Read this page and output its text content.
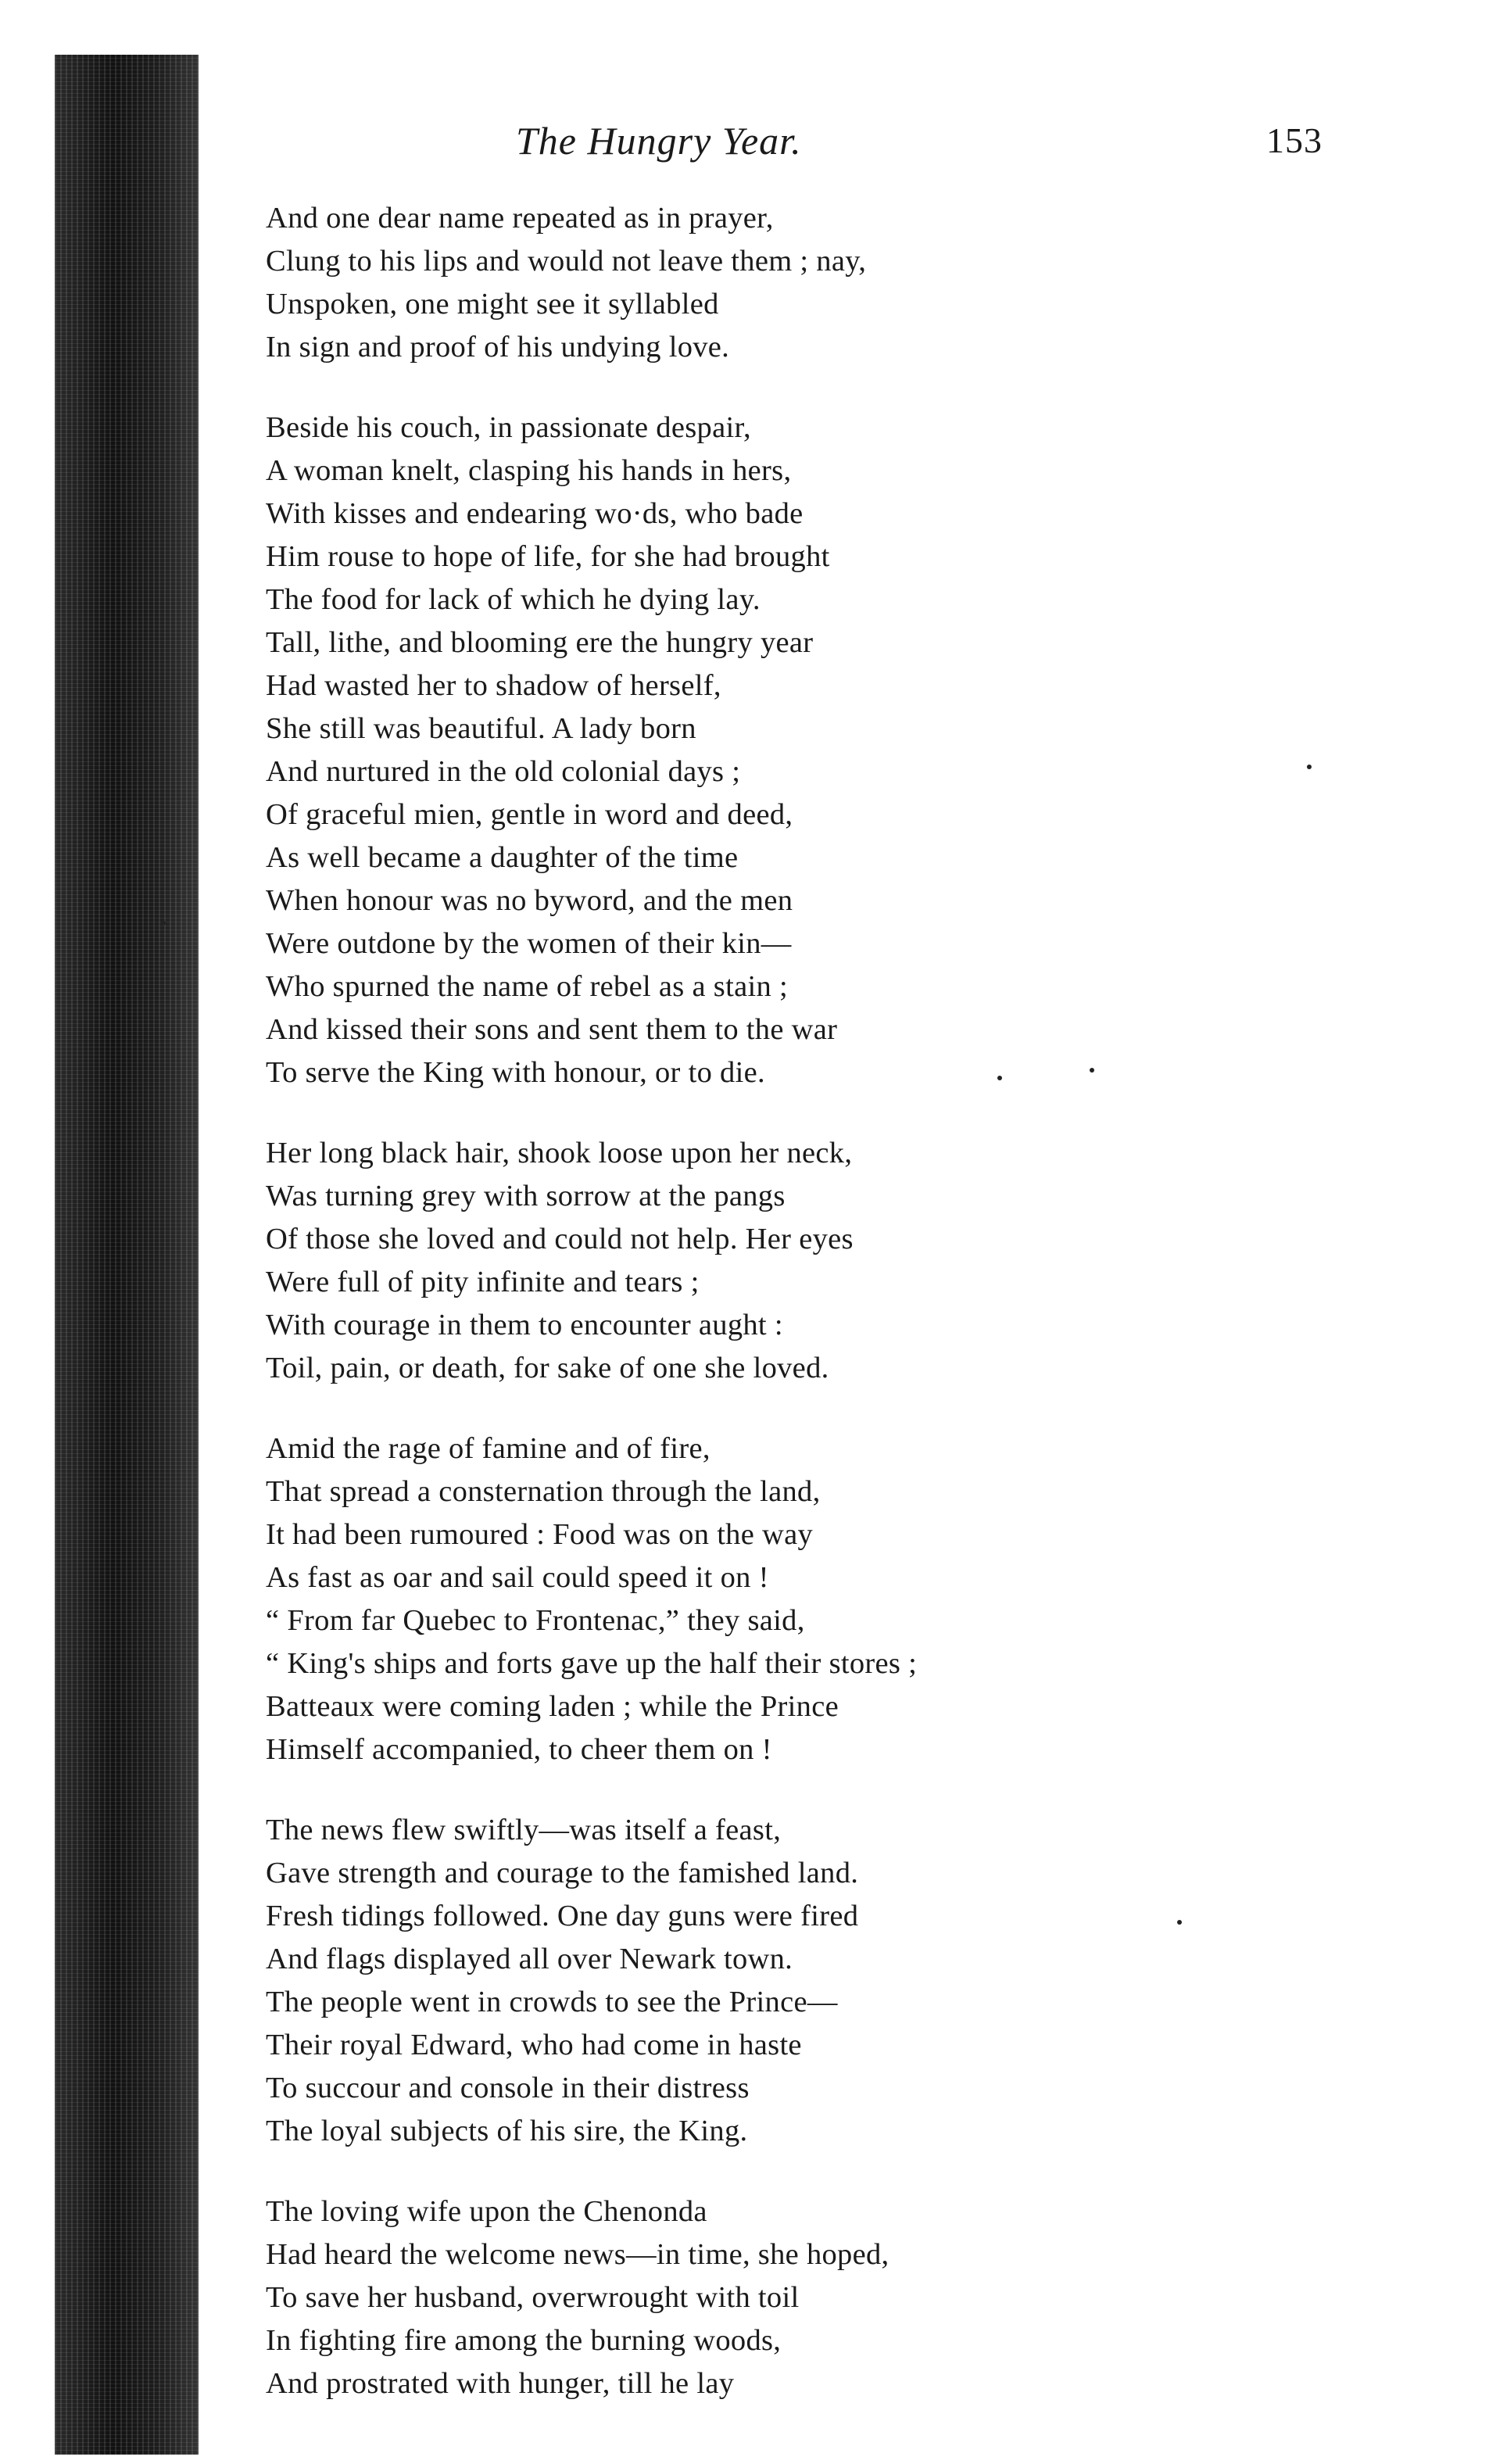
The Hungry Year.	153
And one dear name repeated as in prayer,
Clung to his lips and would not leave them ; nay,
Unspoken, one might see it syllabled
In sign and proof of his undying love.
Beside his couch, in passionate despair,
A woman knelt, clasping his hands in hers,
With kisses and endearing wo·ds, who bade
Him rouse to hope of life, for she had brought
The food for lack of which he dying lay.
Tall, lithe, and blooming ere the hungry year
Had wasted her to shadow of herself,
She still was beautiful. A lady born
And nurtured in the old colonial days ;
Of graceful mien, gentle in word and deed,
As well became a daughter of the time
When honour was no byword, and the men
Were outdone by the women of their kin—
Who spurned the name of rebel as a stain ;
And kissed their sons and sent them to the war
To serve the King with honour, or to die.
Her long black hair, shook loose upon her neck,
Was turning grey with sorrow at the pangs
Of those she loved and could not help. Her eyes
Were full of pity infinite and tears ;
With courage in them to encounter aught :
Toil, pain, or death, for sake of one she loved.
Amid the rage of famine and of fire,
That spread a consternation through the land,
It had been rumoured : Food was on the way
As fast as oar and sail could speed it on !
“ From far Quebec to Frontenac,” they said,
“ King's ships and forts gave up the half their stores ;
Batteaux were coming laden ; while the Prince
Himself accompanied, to cheer them on !
The news flew swiftly—was itself a feast,
Gave strength and courage to the famished land.
Fresh tidings followed. One day guns were fired
And flags displayed all over Newark town.
The people went in crowds to see the Prince—
Their royal Edward, who had come in haste
To succour and console in their distress
The loyal subjects of his sire, the King.
The loving wife upon the Chenonda
Had heard the welcome news—in time, she hoped,
To save her husband, overwrought with toil
In fighting fire among the burning woods,
And prostrated with hunger, till he lay
